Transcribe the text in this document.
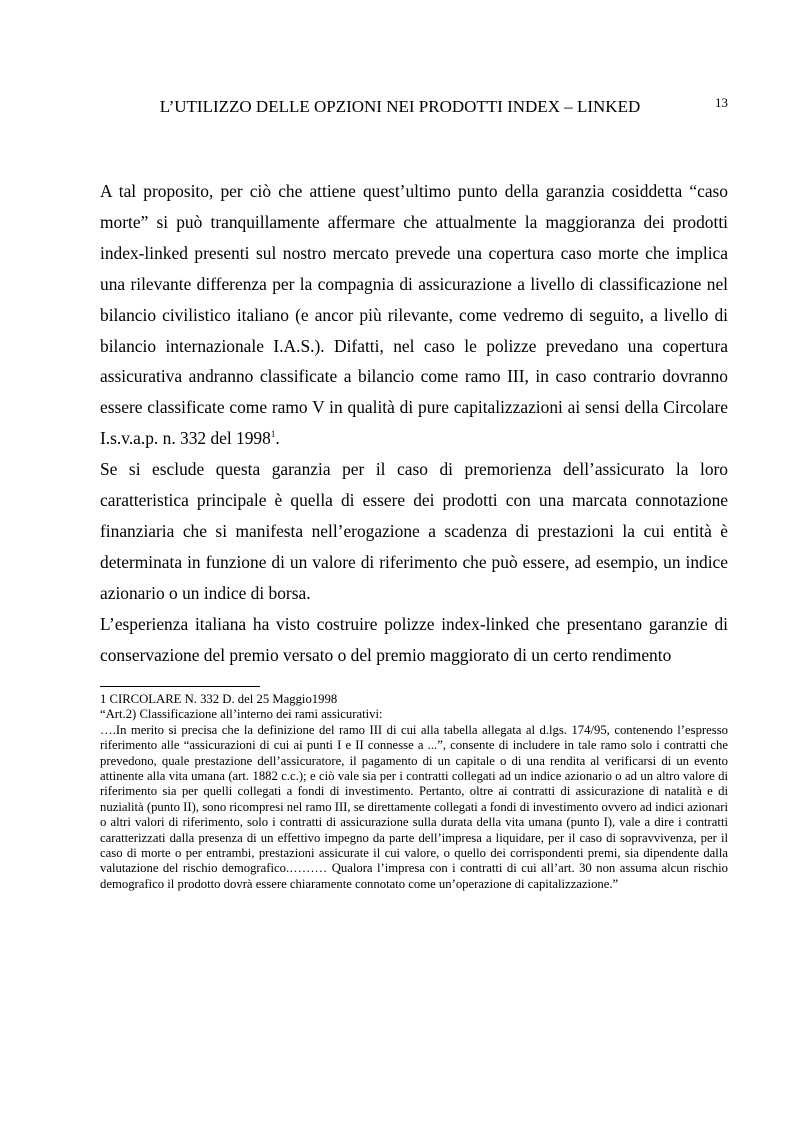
L’UTILIZZO DELLE OPZIONI NEI PRODOTTI INDEX – LINKED	13

A tal proposito, per ciò che attiene quest’ultimo punto della garanzia cosiddetta “caso morte” si può tranquillamente affermare che attualmente la maggioranza dei prodotti index-linked presenti sul nostro mercato prevede una copertura caso morte che implica una rilevante differenza per la compagnia di assicurazione a livello di classificazione nel bilancio civilistico italiano (e ancor più rilevante, come vedremo di seguito, a livello di bilancio internazionale I.A.S.). Difatti, nel caso le polizze prevedano una copertura assicurativa andranno classificate a bilancio come ramo III, in caso contrario dovranno essere classificate come ramo V in qualità di pure capitalizzazioni ai sensi della Circolare I.s.v.a.p. n. 332 del 1998$^1$.

Se si esclude questa garanzia per il caso di premorienza dell’assicurato la loro caratteristica principale è quella di essere dei prodotti con una marcata connotazione finanziaria che si manifesta nell’erogazione a scadenza di prestazioni la cui entità è determinata in funzione di un valore di riferimento che può essere, ad esempio, un indice azionario o un indice di borsa.

L’esperienza italiana ha visto costruire polizze index-linked che presentano garanzie di conservazione del premio versato o del premio maggiorato di un certo rendimento

1 CIRCOLARE N. 332 D. del 25 Maggio1998

“Art.2) Classificazione all’interno dei rami assicurativi:

….In merito si precisa che la definizione del ramo III di cui alla tabella allegata al d.lgs. 174/95, contenendo l’espresso riferimento alle “assicurazioni di cui ai punti I e II connesse a ...”, consente di includere in tale ramo solo i contratti che prevedono, quale prestazione dell’assicuratore, il pagamento di un capitale o di una rendita al verificarsi di un evento attinente alla vita umana (art. 1882 c.c.); e ciò vale sia per i contratti collegati ad un indice azionario o ad un altro valore di riferimento sia per quelli collegati a fondi di investimento. Pertanto, oltre ai contratti di assicurazione di natalità e di nuzialità (punto II), sono ricompresi nel ramo III, se direttamente collegati a fondi di investimento ovvero ad indici azionari o altri valori di riferimento, solo i contratti di assicurazione sulla durata della vita umana (punto I), vale a dire i contratti caratterizzati dalla presenza di un effettivo impegno da parte dell’impresa a liquidare, per il caso di sopravvivenza, per il caso di morte o per entrambi, prestazioni assicurate il cui valore, o quello dei corrispondenti premi, sia dipendente dalla valutazione del rischio demografico.……… Qualora l’impresa con i contratti di cui all’art. 30 non assuma alcun rischio demografico il prodotto dovrà essere chiaramente connotato come un’operazione di capitalizzazione.”
